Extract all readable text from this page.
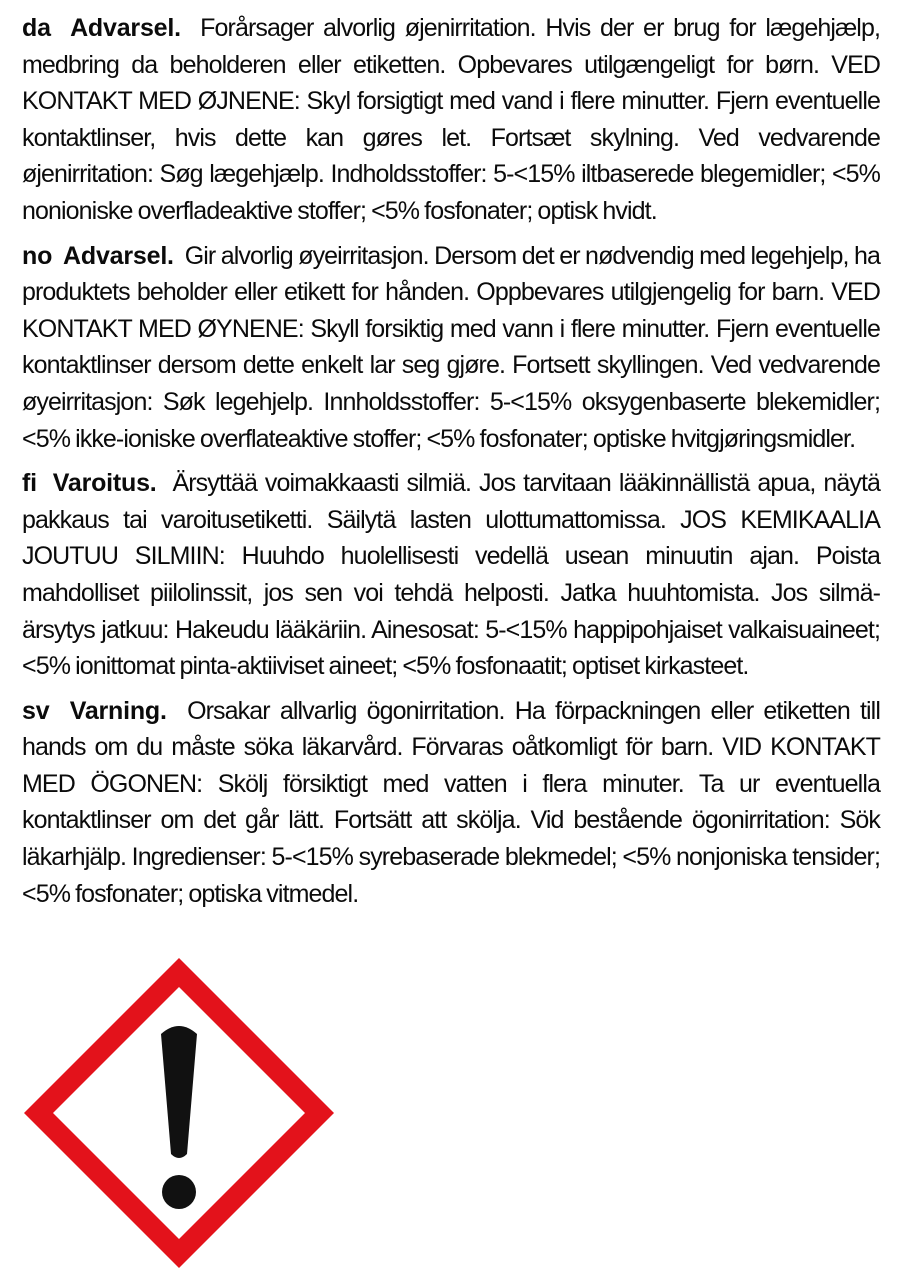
da Advarsel. Forårsager alvorlig øjenirritation. Hvis der er brug for lægehjælp, medbring da beholderen eller etiketten. Opbevares utilgængeligt for børn. VED KONTAKT MED ØJNENE: Skyl forsigtigt med vand i flere minutter. Fjern eventuelle kontaktlinser, hvis dette kan gøres let. Fortsæt skylning. Ved vedvarende øjenirritation: Søg lægehjælp. Indholdsstoffer: 5-<15% iltbaserede blegemidler; <5% nonioniske overfladeaktive stoffer; <5% fosfonater; optisk hvidt.

no Advarsel. Gir alvorlig øyeirritasjon. Dersom det er nødvendig med legehjelp, ha produktets beholder eller etikett for hånden. Oppbevares utilgjengelig for barn. VED KONTAKT MED ØYNENE: Skyll forsiktig med vann i flere minutter. Fjern eventuelle kontaktlinser dersom dette enkelt lar seg gjøre. Fortsett skyllingen. Ved vedvarende øyeirritasjon: Søk legehjelp. Innholdsstoffer: 5-<15% oksygenbaserte blekemidler; <5% ikke-ioniske overflateaktive stoffer; <5% fosfonater; optiske hvitgjøringsmidler.

fi Varoitus. Ärsyttää voimakkaasti silmiä. Jos tarvitaan lääkinnällistä apua, näytä pakkaus tai varoitusetiketti. Säilytä lasten ulottumattomissa. JOS KEMIKAALIA JOUTUU SILMIIN: Huuhdo huolellisesti vedellä usean minuutin ajan. Poista mahdolliset piilolinssit, jos sen voi tehdä helposti. Jatka huuhtomista. Jos silmä-ärsytys jatkuu: Hakeudu lääkäriin. Ainesosat: 5-<15% happipohjaiset valkaisuaineet; <5% ionittomat pinta-aktiiviset aineet; <5% fosfonaatit; optiset kirkasteet.

sv Varning. Orsakar allvarlig ögonirritation. Ha förpackningen eller etiketten till hands om du måste söka läkarvård. Förvaras oåtkomligt för barn. VID KONTAKT MED ÖGONEN: Skölj försiktigt med vatten i flera minuter. Ta ur eventuella kontaktlinser om det går lätt. Fortsätt att skölja. Vid bestående ögonirritation: Sök läkarhjälp. Ingredienser: 5-<15% syrebaserade blekmedel; <5% nonjoniska tensider; <5% fosfonater; optiska vitmedel.
